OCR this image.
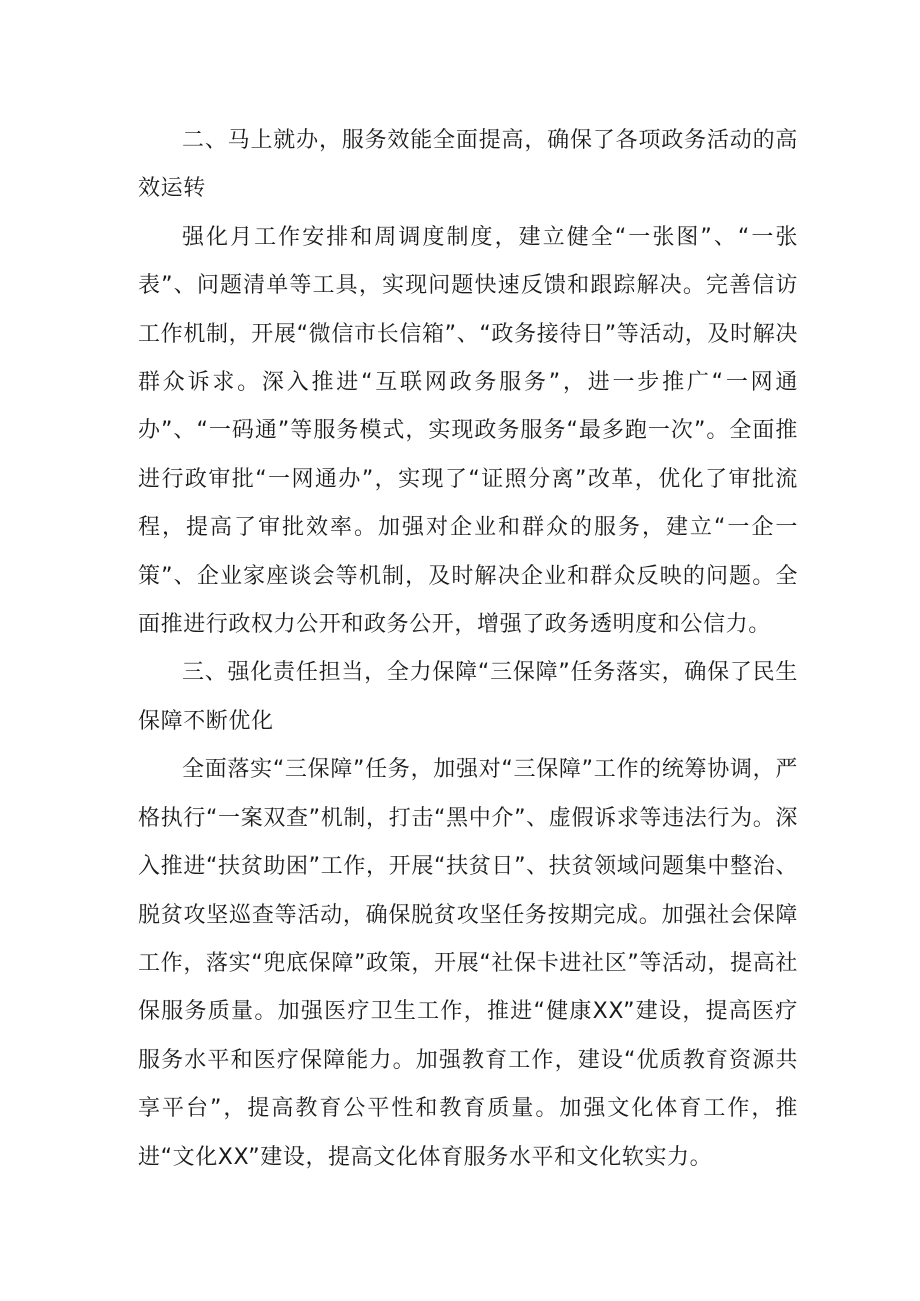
二、马上就办，服务效能全面提高，确保了各项政务活动的高效运转

强化月工作安排和周调度制度，建立健全“一张图”、“一张表”、问题清单等工具，实现问题快速反馈和跟踪解决。完善信访工作机制，开展“微信市长信箱”、“政务接待日”等活动，及时解决群众诉求。深入推进“互联网政务服务”，进一步推广“一网通办”、“一码通”等服务模式，实现政务服务“最多跑一次”。全面推进行政审批“一网通办”，实现了“证照分离”改革，优化了审批流程，提高了审批效率。加强对企业和群众的服务，建立“一企一策”、企业家座谈会等机制，及时解决企业和群众反映的问题。全面推进行政权力公开和政务公开，增强了政务透明度和公信力。

三、强化责任担当，全力保障“三保障”任务落实，确保了民生保障不断优化

全面落实“三保障”任务，加强对“三保障”工作的统筹协调，严格执行“一案双查”机制，打击“黑中介”、虚假诉求等违法行为。深入推进“扶贫助困”工作，开展“扶贫日”、扶贫领域问题集中整治、脱贫攻坚巡查等活动，确保脱贫攻坚任务按期完成。加强社会保障工作，落实“兜底保障”政策，开展“社保卡进社区”等活动，提高社保服务质量。加强医疗卫生工作，推进“健康XX”建设，提高医疗服务水平和医疗保障能力。加强教育工作，建设“优质教育资源共享平台”，提高教育公平性和教育质量。加强文化体育工作，推进“文化XX”建设，提高文化体育服务水平和文化软实力。
